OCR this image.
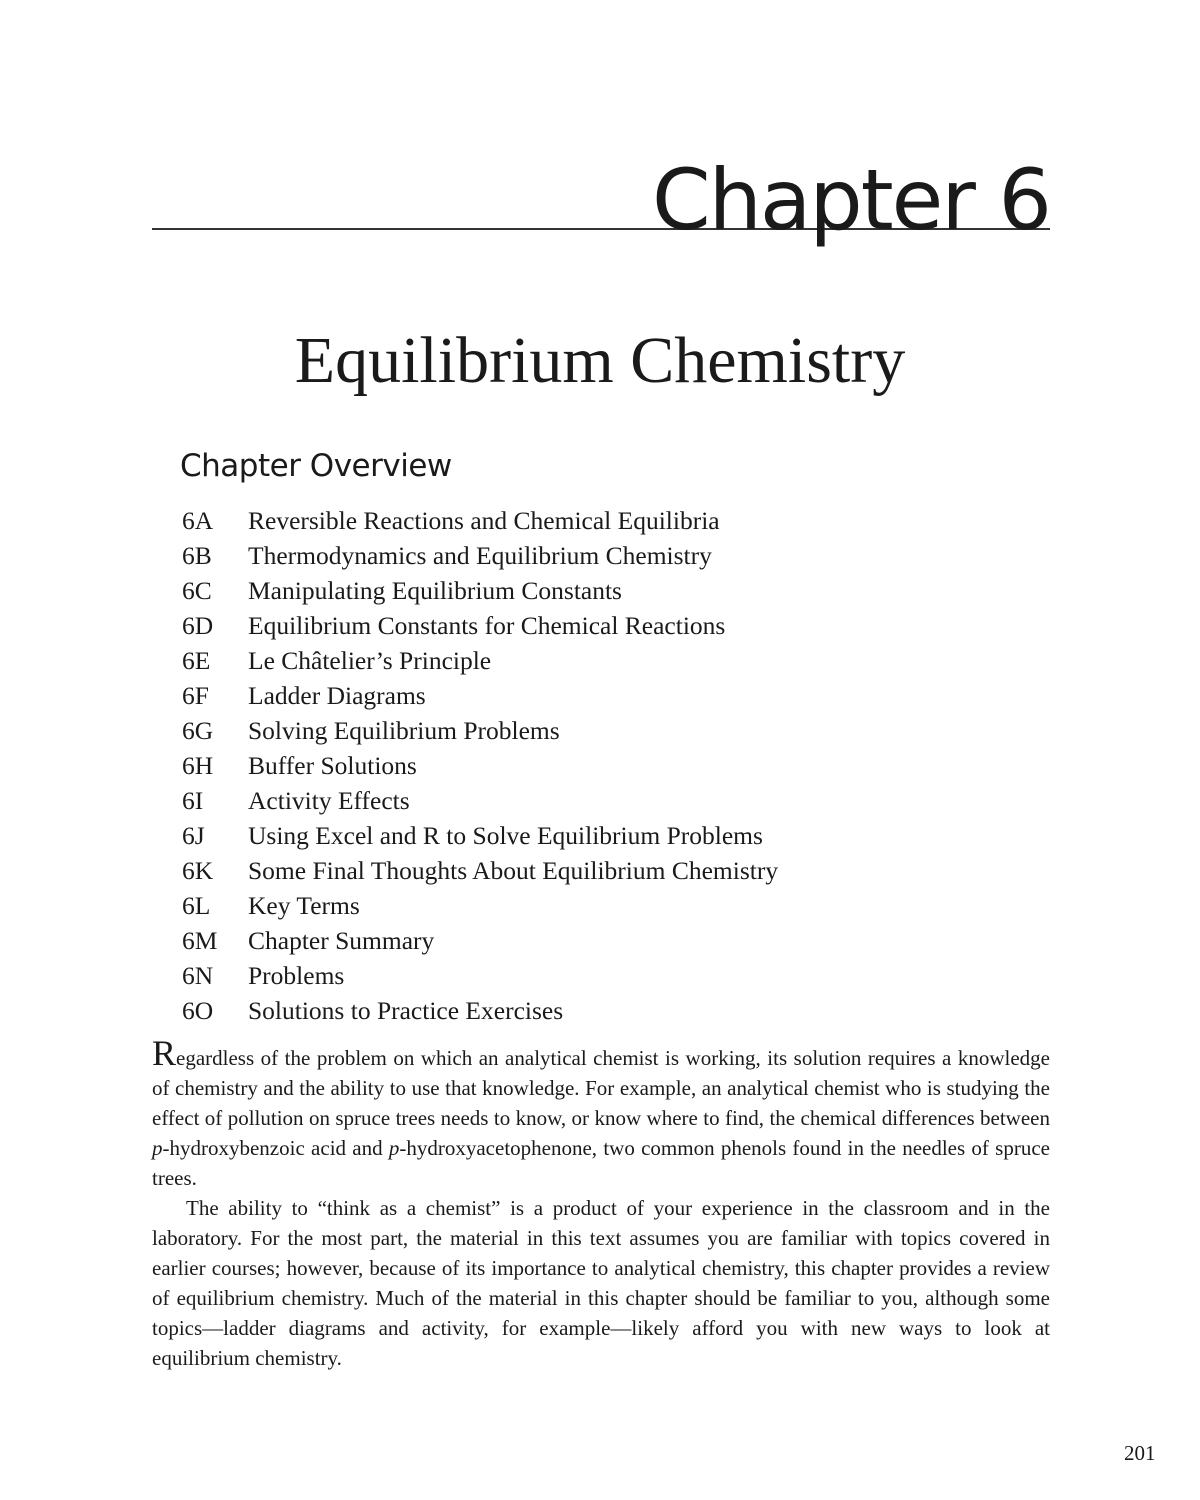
Chapter 6
Equilibrium Chemistry
Chapter Overview
6A	Reversible Reactions and Chemical Equilibria
6B	Thermodynamics and Equilibrium Chemistry
6C	Manipulating Equilibrium Constants
6D	Equilibrium Constants for Chemical Reactions
6E	Le Châtelier’s Principle
6F	Ladder Diagrams
6G	Solving Equilibrium Problems
6H	Buffer Solutions
6I	Activity Effects
6J	Using Excel and R to Solve Equilibrium Problems
6K	Some Final Thoughts About Equilibrium Chemistry
6L	Key Terms
6M	Chapter Summary
6N	Problems
6O	Solutions to Practice Exercises

Regardless of the problem on which an analytical chemist is working, its solution requires a knowledge of chemistry and the ability to use that knowledge. For example, an analytical chemist who is studying the effect of pollution on spruce trees needs to know, or know where to find, the chemical differences between p-hydroxybenzoic acid and p-hydroxyacetophenone, two common phenols found in the needles of spruce trees.

The ability to “think as a chemist” is a product of your experience in the classroom and in the laboratory. For the most part, the material in this text assumes you are familiar with topics covered in earlier courses; however, because of its importance to analytical chemistry, this chapter provides a review of equilibrium chemistry. Much of the material in this chapter should be familiar to you, although some topics—ladder diagrams and activity, for example—likely afford you with new ways to look at equilibrium chemistry.

201
